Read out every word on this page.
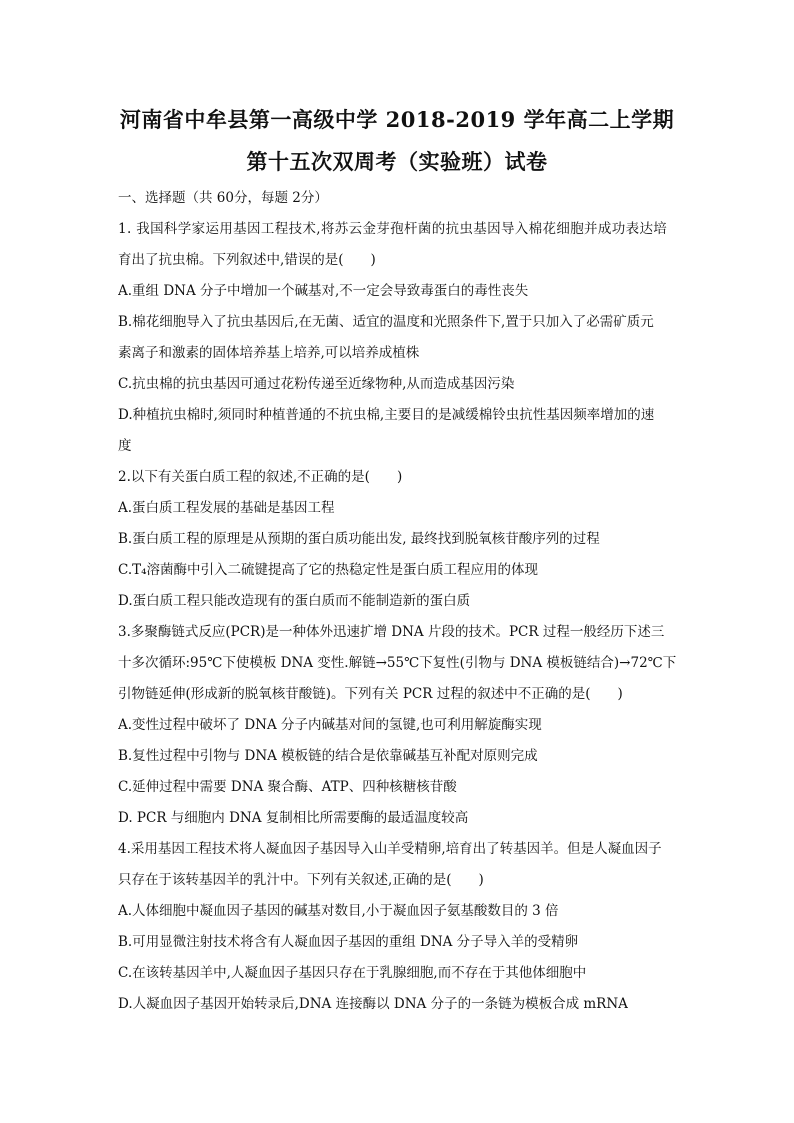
河南省中牟县第一高级中学 2018-2019 学年高二上学期
第十五次双周考（实验班）试卷
一、选择题（共 60分，每题 2分）
1. 我国科学家运用基因工程技术,将苏云金芽孢杆菌的抗虫基因导入棉花细胞并成功表达培
育出了抗虫棉。下列叙述中,错误的是(　　)
A.重组 DNA 分子中增加一个碱基对,不一定会导致毒蛋白的毒性丧失
B.棉花细胞导入了抗虫基因后,在无菌、适宜的温度和光照条件下,置于只加入了必需矿质元
素离子和激素的固体培养基上培养,可以培养成植株
C.抗虫棉的抗虫基因可通过花粉传递至近缘物种,从而造成基因污染
D.种植抗虫棉时,须同时种植普通的不抗虫棉,主要目的是减缓棉铃虫抗性基因频率增加的速
度
2.以下有关蛋白质工程的叙述,不正确的是(　　)
A.蛋白质工程发展的基础是基因工程
B.蛋白质工程的原理是从预期的蛋白质功能出发, 最终找到脱氧核苷酸序列的过程
C.T₄溶菌酶中引入二硫键提高了它的热稳定性是蛋白质工程应用的体现
D.蛋白质工程只能改造现有的蛋白质而不能制造新的蛋白质
3.多聚酶链式反应(PCR)是一种体外迅速扩增 DNA 片段的技术。PCR 过程一般经历下述三
十多次循环:95℃下使模板 DNA 变性.解链→55℃下复性(引物与 DNA 模板链结合)→72℃下
引物链延伸(形成新的脱氧核苷酸链)。下列有关 PCR 过程的叙述中不正确的是(　　)
A.变性过程中破坏了 DNA 分子内碱基对间的氢键,也可利用解旋酶实现
B.复性过程中引物与 DNA 模板链的结合是依靠碱基互补配对原则完成
C.延伸过程中需要 DNA 聚合酶、ATP、四种核糖核苷酸
D. PCR 与细胞内 DNA 复制相比所需要酶的最适温度较高
4.采用基因工程技术将人凝血因子基因导入山羊受精卵,培育出了转基因羊。但是人凝血因子
只存在于该转基因羊的乳汁中。下列有关叙述,正确的是(　　)
A.人体细胞中凝血因子基因的碱基对数目,小于凝血因子氨基酸数目的 3 倍
B.可用显微注射技术将含有人凝血因子基因的重组 DNA 分子导入羊的受精卵
C.在该转基因羊中,人凝血因子基因只存在于乳腺细胞,而不存在于其他体细胞中
D.人凝血因子基因开始转录后,DNA 连接酶以 DNA 分子的一条链为模板合成 mRNA
